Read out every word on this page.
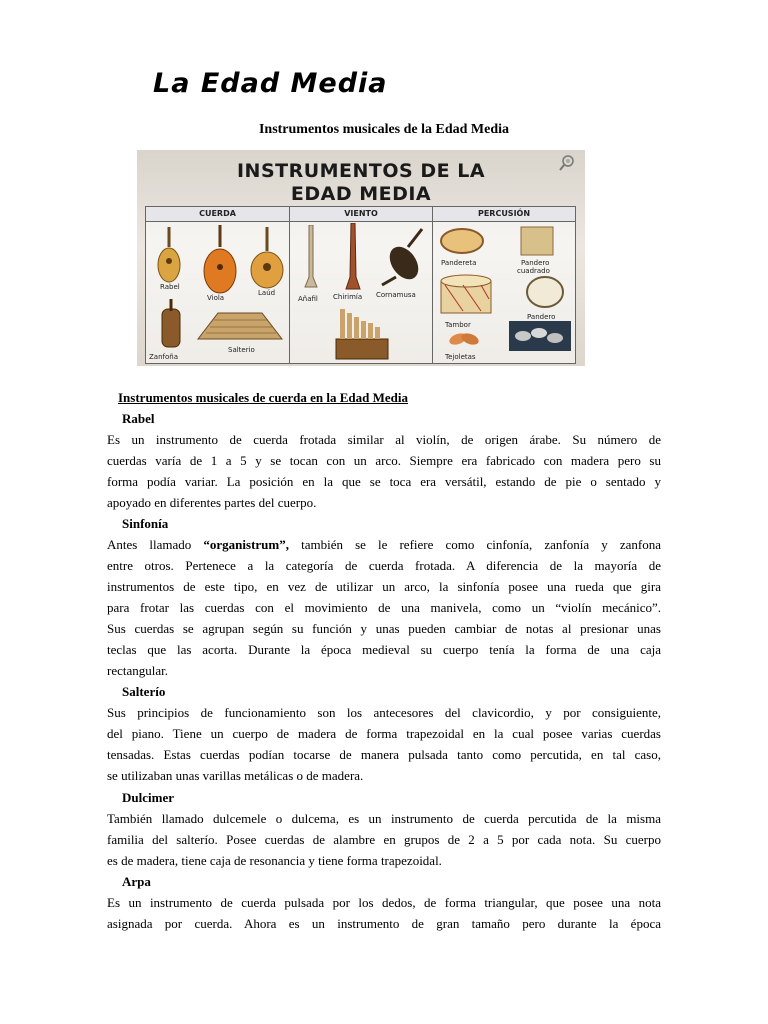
La Edad Media
Instrumentos musicales de la Edad Media
INSTRUMENTOS DE LA
EDAD MEDIA
CUERDA
Rabel
Viola
Laúd
Zanfoña
Salterio
VIENTO
Añafil Chirimía Cornamusa
PERCUSIÓN
Pandereta	Pandero
cuadrado
Tambor
Pandero
Tejoletas
Instrumentos musicales de cuerda en la Edad Media
Rabel
Es un instrumento de cuerda frotada similar al violín, de origen árabe. Su número de
cuerdas varía de 1 a 5 y se tocan con un arco. Siempre era fabricado con madera pero su
forma podía variar. La posición en la que se toca era versátil, estando de pie o sentado y
apoyado en diferentes partes del cuerpo.
Sinfonía
Antes llamado “organistrum”, también se le refiere como cinfonía, zanfonía y zanfona
entre otros. Pertenece a la categoría de cuerda frotada. A diferencia de la mayoría de
instrumentos de este tipo, en vez de utilizar un arco, la sinfonía posee una rueda que gira
para frotar las cuerdas con el movimiento de una manivela, como un “violín mecánico”.
Sus cuerdas se agrupan según su función y unas pueden cambiar de notas al presionar unas
teclas que las acorta. Durante la época medieval su cuerpo tenía la forma de una caja
rectangular.
Salterío
Sus principios de funcionamiento son los antecesores del clavicordio, y por consiguiente,
del piano. Tiene un cuerpo de madera de forma trapezoidal en la cual posee varias cuerdas
tensadas. Estas cuerdas podían tocarse de manera pulsada tanto como percutida, en tal caso,
se utilizaban unas varillas metálicas o de madera.
Dulcimer
También llamado dulcemele o dulcema, es un instrumento de cuerda percutida de la misma
familia del salterío. Posee cuerdas de alambre en grupos de 2 a 5 por cada nota. Su cuerpo
es de madera, tiene caja de resonancia y tiene forma trapezoidal.
Arpa
Es un instrumento de cuerda pulsada por los dedos, de forma triangular, que posee una nota
asignada por cuerda. Ahora es un instrumento de gran tamaño pero durante la época
